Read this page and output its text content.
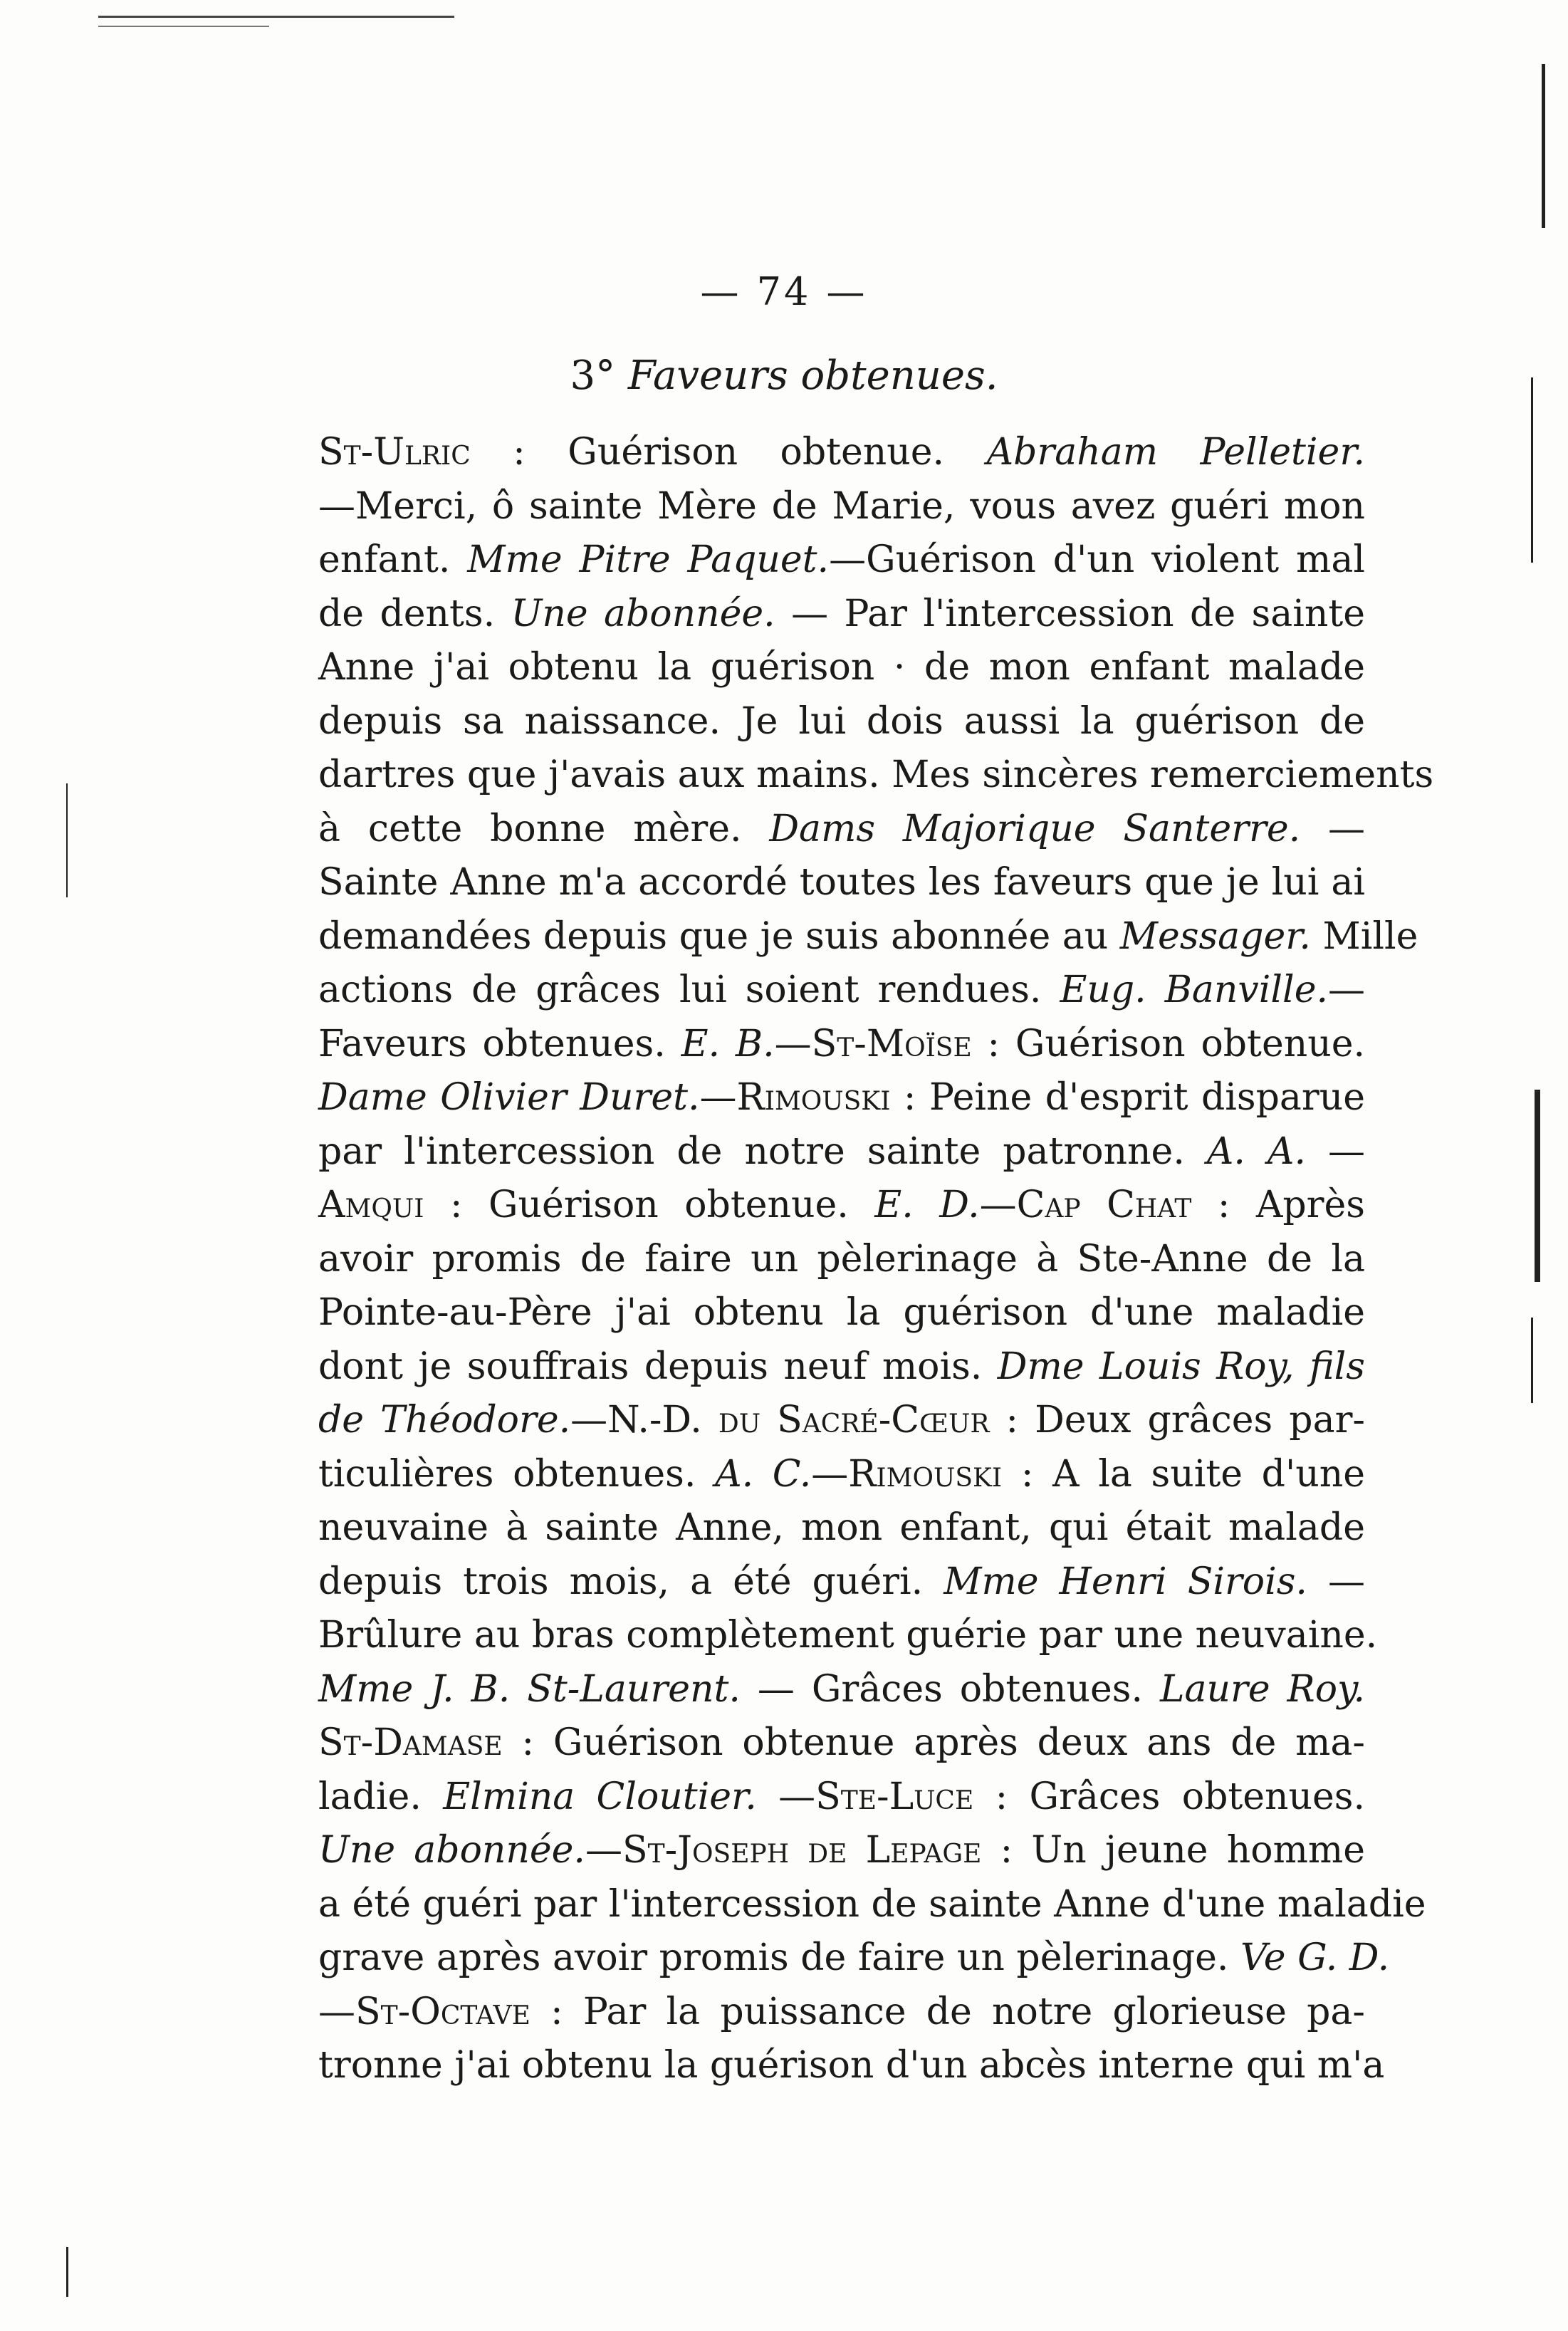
— 74 —
3° Faveurs obtenues.
St-Ulric : Guérison obtenue. Abraham Pelletier.
—Merci, ô sainte Mère de Marie, vous avez guéri mon
enfant. Mme Pitre Paquet.—Guérison d'un violent mal
de dents. Une abonnée. — Par l'intercession de sainte
Anne j'ai obtenu la guérison · de mon enfant malade
depuis sa naissance. Je lui dois aussi la guérison de
dartres que j'avais aux mains. Mes sincères remerciements
à cette bonne mère. Dams Majorique Santerre. —
Sainte Anne m'a accordé toutes les faveurs que je lui ai
demandées depuis que je suis abonnée au Messager. Mille
actions de grâces lui soient rendues. Eug. Banville.—
Faveurs obtenues. E. B.—St-Moïse : Guérison obtenue.
Dame Olivier Duret.—Rimouski : Peine d'esprit disparue
par l'intercession de notre sainte patronne. A. A. —
Amqui : Guérison obtenue. E. D.—Cap Chat : Après
avoir promis de faire un pèlerinage à Ste-Anne de la
Pointe-au-Père j'ai obtenu la guérison d'une maladie
dont je souffrais depuis neuf mois. Dme Louis Roy, fils
de Théodore.—N.-D. du Sacré-Cœur : Deux grâces par-
ticulières obtenues. A. C.—Rimouski : A la suite d'une
neuvaine à sainte Anne, mon enfant, qui était malade
depuis trois mois, a été guéri. Mme Henri Sirois. —
Brûlure au bras complètement guérie par une neuvaine.
Mme J. B. St-Laurent. — Grâces obtenues. Laure Roy.
St-Damase : Guérison obtenue après deux ans de ma-
ladie. Elmina Cloutier. —Ste-Luce : Grâces obtenues.
Une abonnée.—St-Joseph de Lepage : Un jeune homme
a été guéri par l'intercession de sainte Anne d'une maladie
grave après avoir promis de faire un pèlerinage. Ve G. D.
—St-Octave : Par la puissance de notre glorieuse pa-
tronne j'ai obtenu la guérison d'un abcès interne qui m'a
